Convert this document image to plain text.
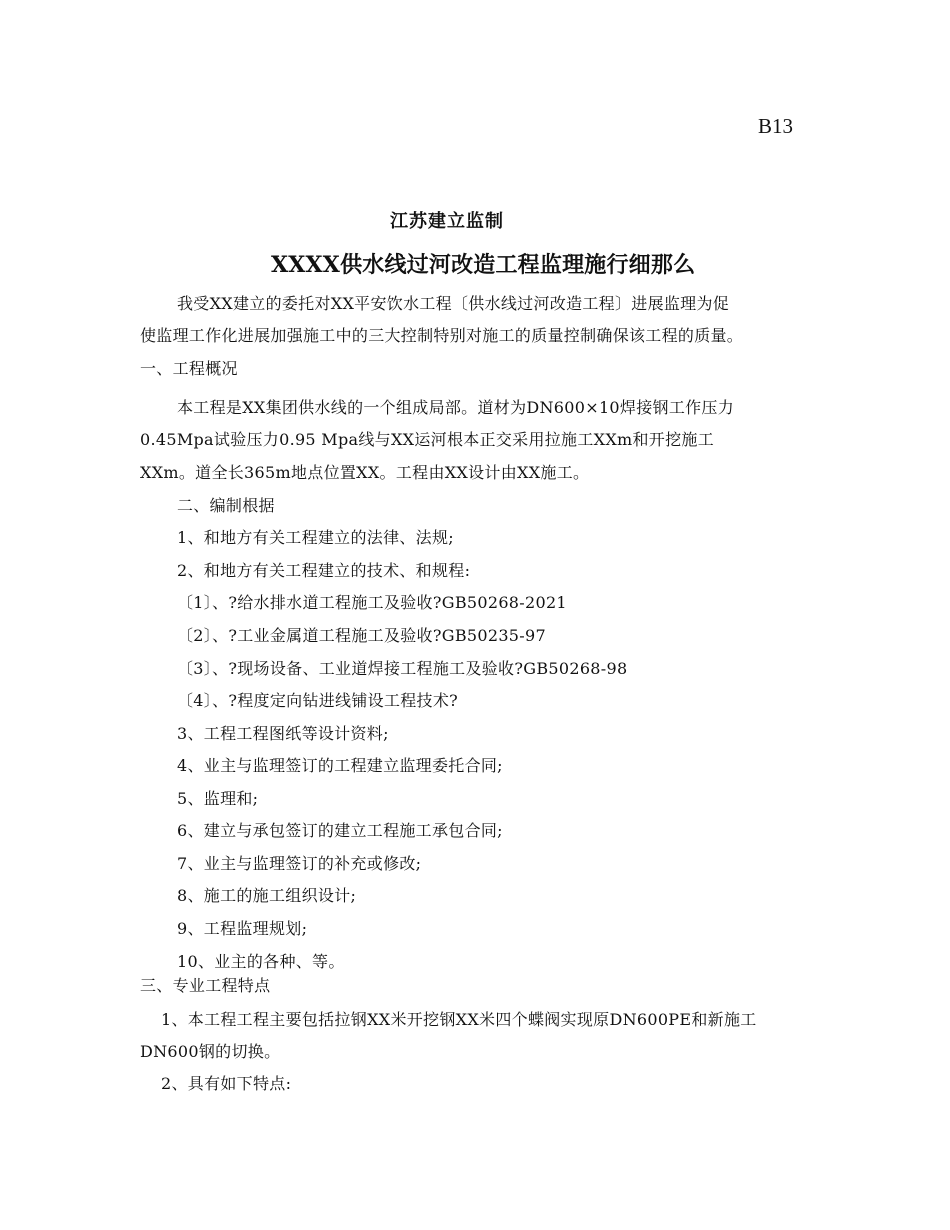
B13
江苏建立监制
XXXX供水线过河改造工程监理施行细那么
我受XX建立的委托对XX平安饮水工程〔供水线过河改造工程〕进展监理为促
使监理工作化进展加强施工中的三大控制特别对施工的质量控制确保该工程的质量。
一、工程概况
本工程是XX集团供水线的一个组成局部。道材为DN600×10焊接钢工作压力
0.45Mpa试验压力0.95 Mpa线与XX运河根本正交采用拉施工XXm和开挖施工
XXm。道全长365m地点位置XX。工程由XX设计由XX施工。
二、编制根据
1、和地方有关工程建立的法律、法规;
2、和地方有关工程建立的技术、和规程:
〔1〕、?给水排水道工程施工及验收?GB50268-2021
〔2〕、?工业金属道工程施工及验收?GB50235-97
〔3〕、?现场设备、工业道焊接工程施工及验收?GB50268-98
〔4〕、?程度定向钻进线铺设工程技术?
3、工程工程图纸等设计资料;
4、业主与监理签订的工程建立监理委托合同;
5、监理和;
6、建立与承包签订的建立工程施工承包合同;
7、业主与监理签订的补充或修改;
8、施工的施工组织设计;
9、工程监理规划;
10、业主的各种、等。
三、专业工程特点
1、本工程工程主要包括拉钢XX米开挖钢XX米四个蝶阀实现原DN600PE和新施工
DN600钢的切换。
2、具有如下特点:
